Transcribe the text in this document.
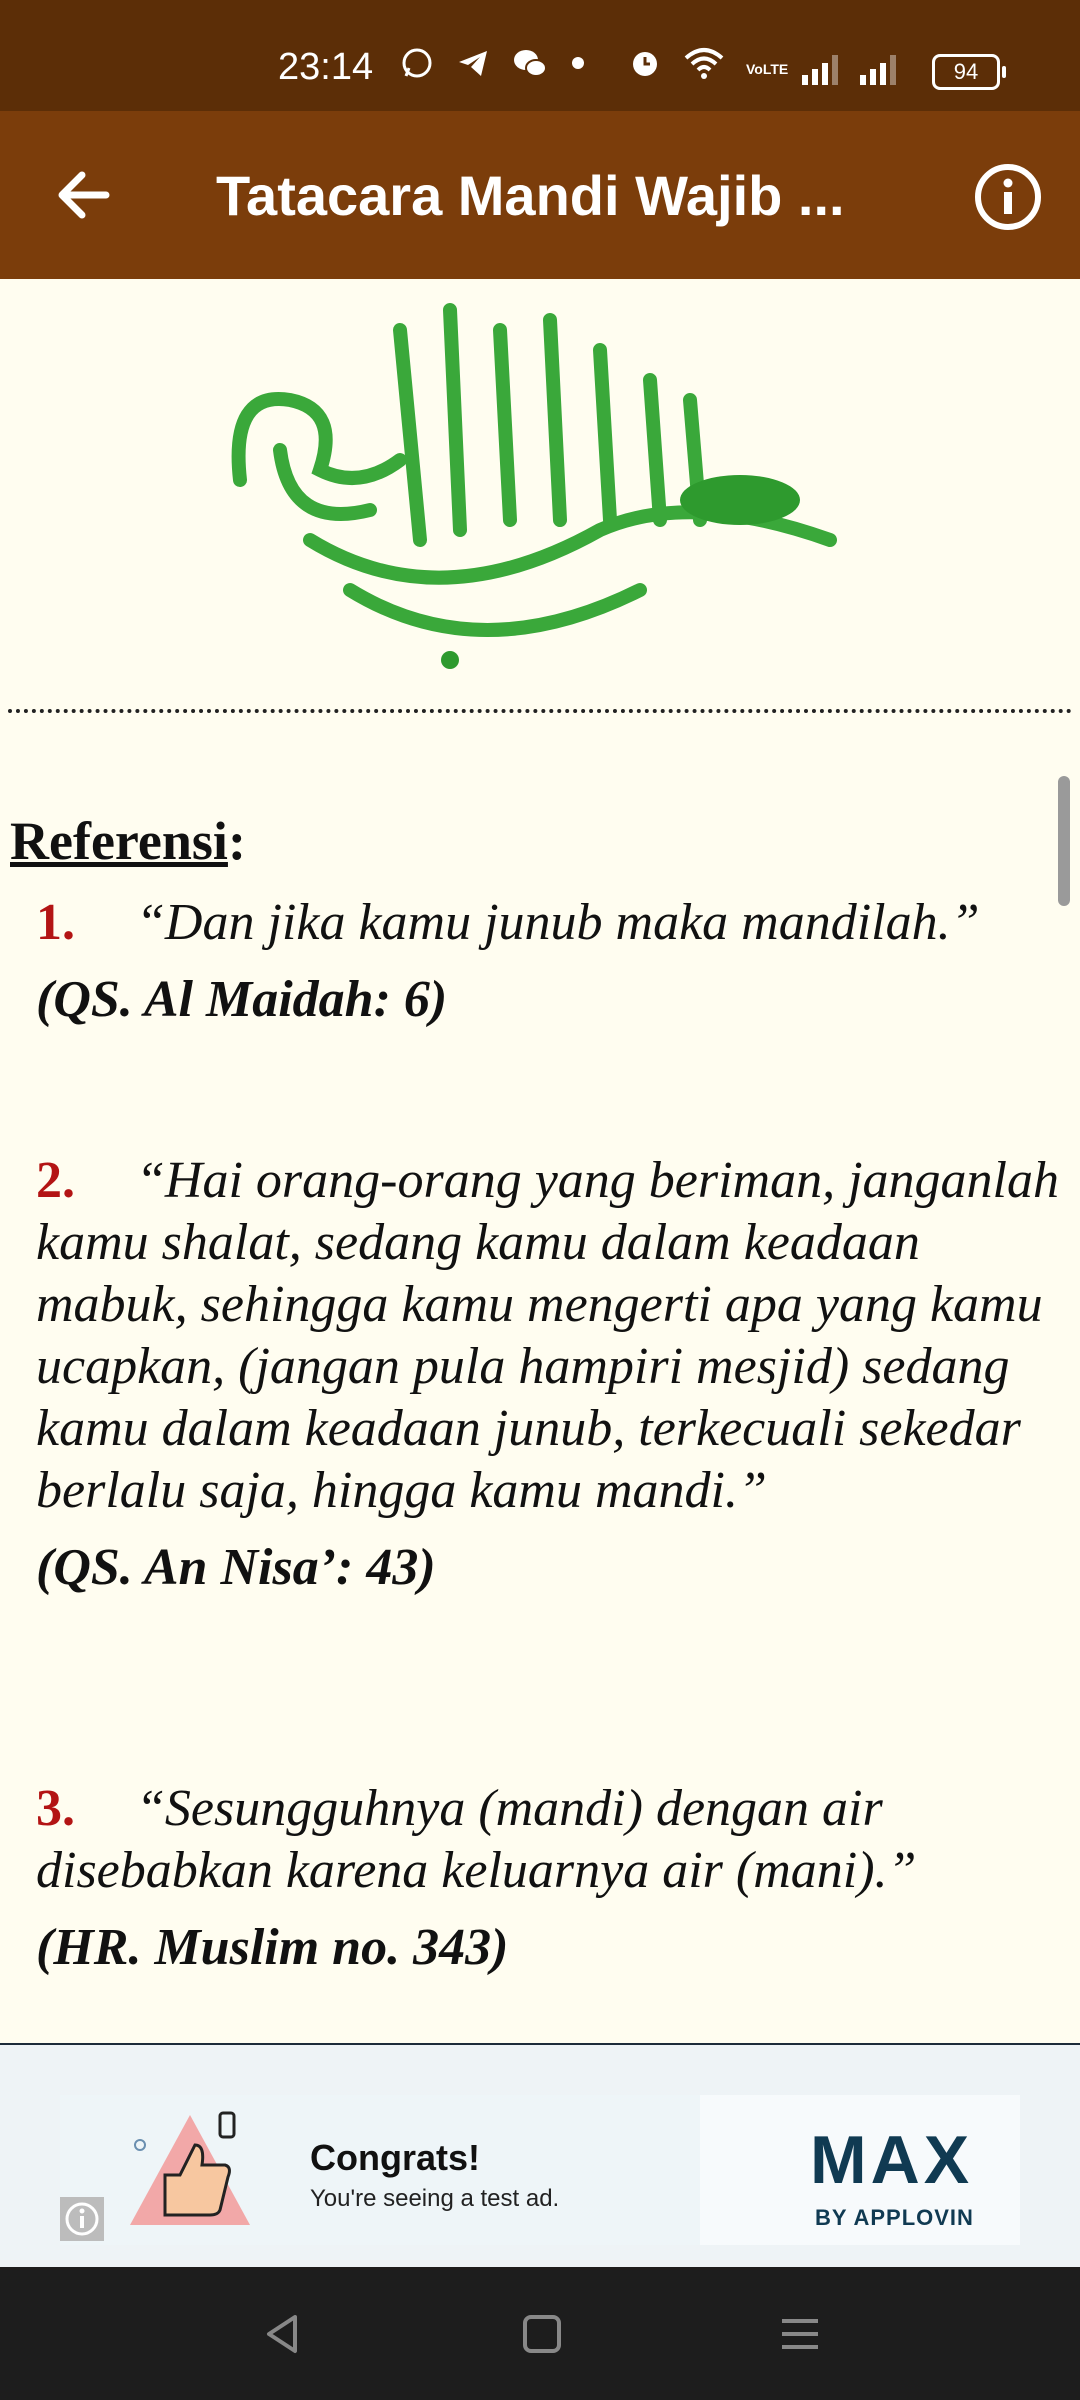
23:14	VoLTE	94
Tatacara Mandi Wajib ...
Referensi:

1. “Dan jika kamu junub maka mandilah.”

(QS. Al Maidah: 6)

2. “Hai orang-orang yang beriman, janganlah kamu shalat, sedang kamu dalam keadaan mabuk, sehingga kamu mengerti apa yang kamu ucapkan, (jangan pula hampiri mesjid) sedang kamu dalam keadaan junub, terkecuali sekedar berlalu saja, hingga kamu mandi.”

(QS. An Nisa’: 43)

3. “Sesungguhnya (mandi) dengan air disebabkan karena keluarnya air (mani).”

(HR. Muslim no. 343)
Congrats!
You're seeing a test ad.
MAX
BY APPLOVIN
